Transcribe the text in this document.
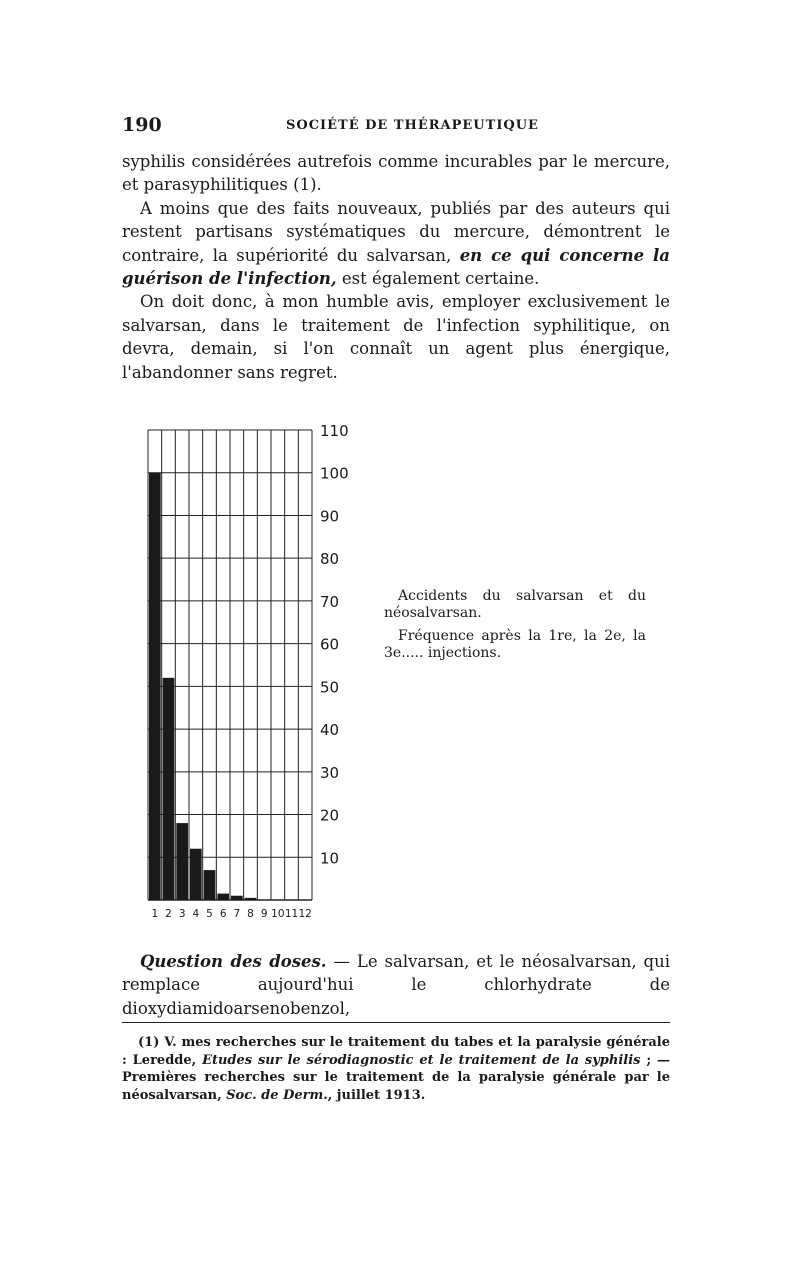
190	SOCIÉTÉ DE THÉRAPEUTIQUE

syphilis considérées autrefois comme incurables par le mercure, et parasyphilitiques (1).

A moins que des faits nouveaux, publiés par des auteurs qui restent partisans systématiques du mercure, démontrent le contraire, la supériorité du salvarsan, en ce qui concerne la guérison de l'infection, est également certaine.

On doit donc, à mon humble avis, employer exclusivement le salvarsan, dans le traitement de l'infection syphilitique, on devra, demain, si l'on connaît un agent plus énergique, l'abandonner sans regret.

110
100
90
80
70
60
50
40
30
20
10
1 2 3 4 5 6 7 8 9 10 11 12

Accidents du salvarsan et du néosalvarsan.

Fréquence après la 1re, la 2e, la 3e..... injections.

Question des doses. — Le salvarsan, et le néosalvarsan, qui remplace aujourd'hui le chlorhydrate de dioxydiamidoarsenobenzol,

(1) V. mes recherches sur le traitement du tabes et la paralysie générale : Leredde, Etudes sur le sérodiagnostic et le traitement de la syphilis ; — Premières recherches sur le traitement de la paralysie générale par le néosalvarsan, Soc. de Derm., juillet 1913.
